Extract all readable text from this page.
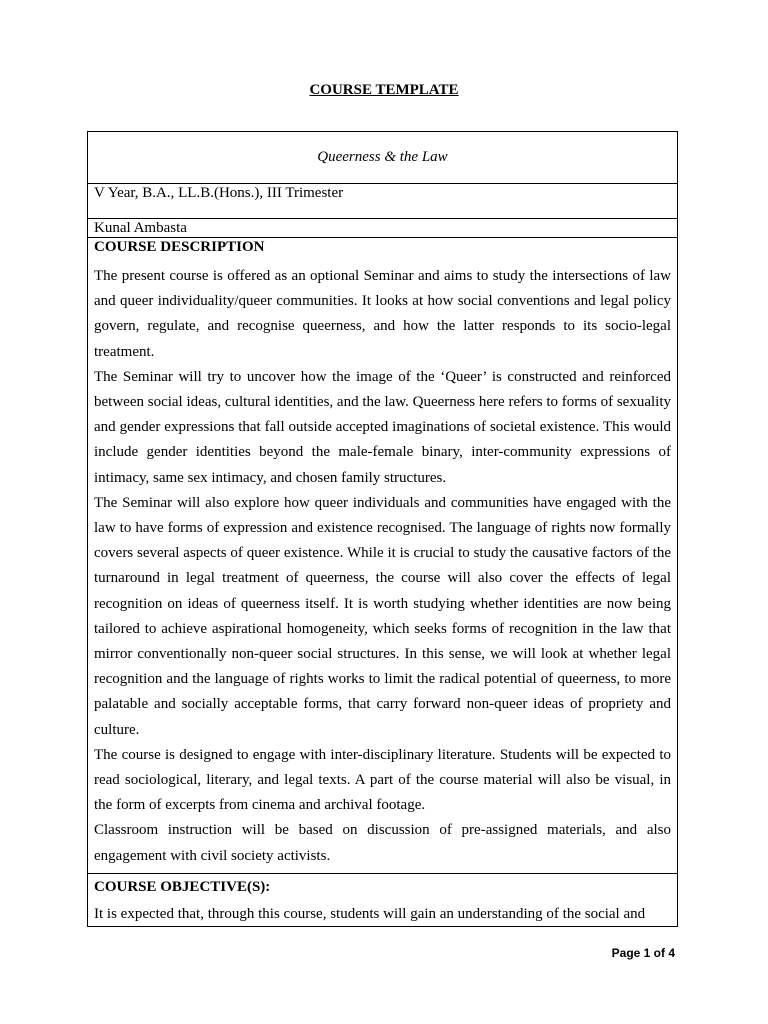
COURSE TEMPLATE
Queerness & the Law
V Year, B.A., LL.B.(Hons.), III Trimester
Kunal Ambasta
COURSE DESCRIPTION

The present course is offered as an optional Seminar and aims to study the intersections of law and queer individuality/queer communities. It looks at how social conventions and legal policy govern, regulate, and recognise queerness, and how the latter responds to its socio-legal treatment.

The Seminar will try to uncover how the image of the ‘Queer’ is constructed and reinforced between social ideas, cultural identities, and the law. Queerness here refers to forms of sexuality and gender expressions that fall outside accepted imaginations of societal existence. This would include gender identities beyond the male-female binary, inter-community expressions of intimacy, same sex intimacy, and chosen family structures.

The Seminar will also explore how queer individuals and communities have engaged with the law to have forms of expression and existence recognised. The language of rights now formally covers several aspects of queer existence. While it is crucial to study the causative factors of the turnaround in legal treatment of queerness, the course will also cover the effects of legal recognition on ideas of queerness itself. It is worth studying whether identities are now being tailored to achieve aspirational homogeneity, which seeks forms of recognition in the law that mirror conventionally non-queer social structures. In this sense, we will look at whether legal recognition and the language of rights works to limit the radical potential of queerness, to more palatable and socially acceptable forms, that carry forward non-queer ideas of propriety and culture.

The course is designed to engage with inter-disciplinary literature. Students will be expected to read sociological, literary, and legal texts. A part of the course material will also be visual, in the form of excerpts from cinema and archival footage.

Classroom instruction will be based on discussion of pre-assigned materials, and also engagement with civil society activists.

COURSE OBJECTIVE(S):

It is expected that, through this course, students will gain an understanding of the social and

Page 1 of 4
